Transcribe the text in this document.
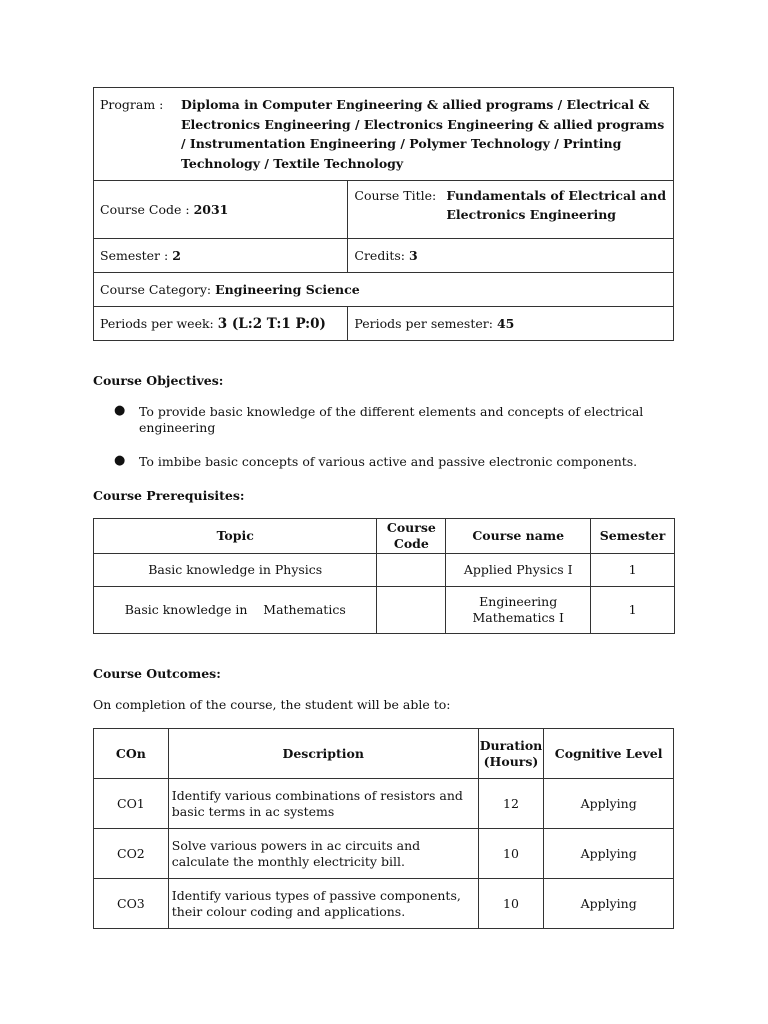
Program : Diploma in Computer Engineering & allied programs / Electrical & Electronics Engineering / Electronics Engineering & allied programs / Instrumentation Engineering / Polymer Technology / Printing Technology / Textile Technology	

Course Code : 2031	Course Title: Fundamentals of Electrical and Electronics Engineering

Semester : 2	Credits: 3
Course Category: Engineering Science	
Periods per week: 3 (L:2 T:1 P:0)	Periods per semester: 45
Course Objectives:
● To provide basic knowledge of the different elements and concepts of electrical engineering
● To imbibe basic concepts of various active and passive electronic components.
Course Prerequisites:
Topic	Course Code	Course name	Semester
Basic knowledge in Physics		Applied Physics I	1
Basic knowledge in    Mathematics		Engineering Mathematics I	1
Course Outcomes:
On completion of the course, the student will be able to:
COn	Description	Duration (Hours)	Cognitive Level
CO1	Identify various combinations of resistors and basic terms in ac systems	12	Applying
CO2	Solve various powers in ac circuits and calculate the monthly electricity bill.	10	Applying
CO3	Identify various types of passive components, their colour coding and applications.	10	Applying
